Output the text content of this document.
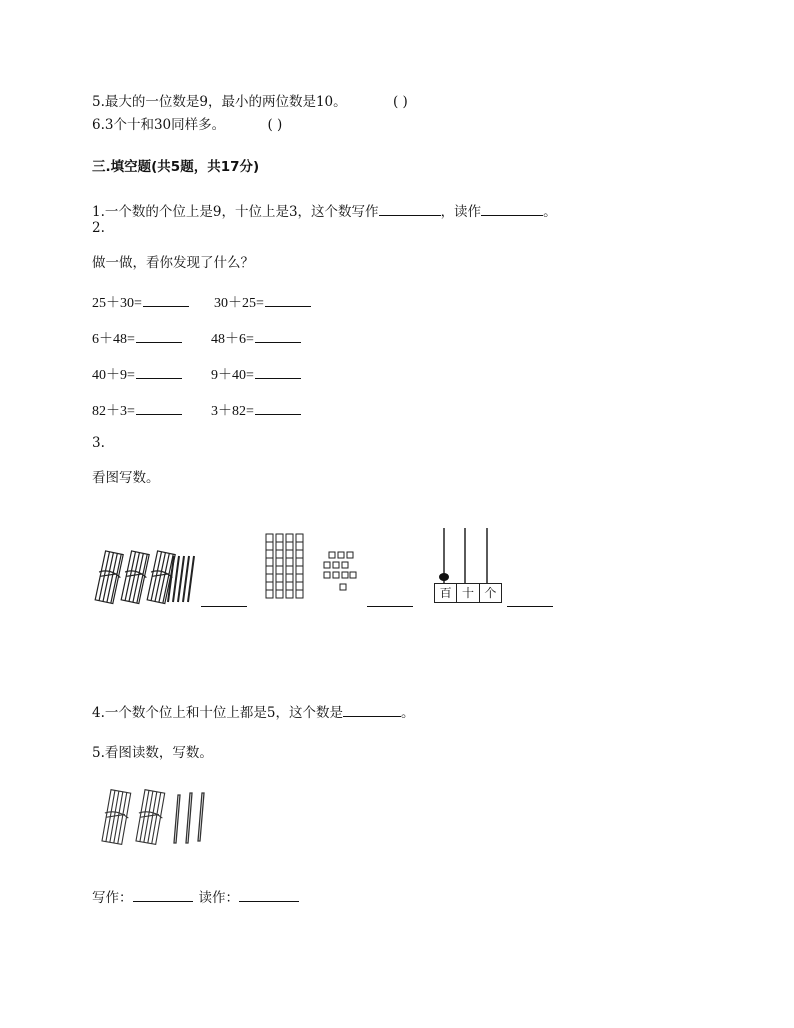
5.最大的一位数是9，最小的两位数是10。	( )
6.3个十和30同样多。	( )
三.填空题(共5题，共17分)
1.一个数的个位上是9，十位上是3，这个数写作	，读作	。
2.
做一做，看你发现了什么？
25＋30=	30＋25=
6＋48=	48＋6=
40＋9=	9＋40=
82＋3=	3＋82=
3.
看图写数。
百 十 个
4.一个数个位上和十位上都是5，这个数是	。
5.看图读数，写数。
写作：	读作：
